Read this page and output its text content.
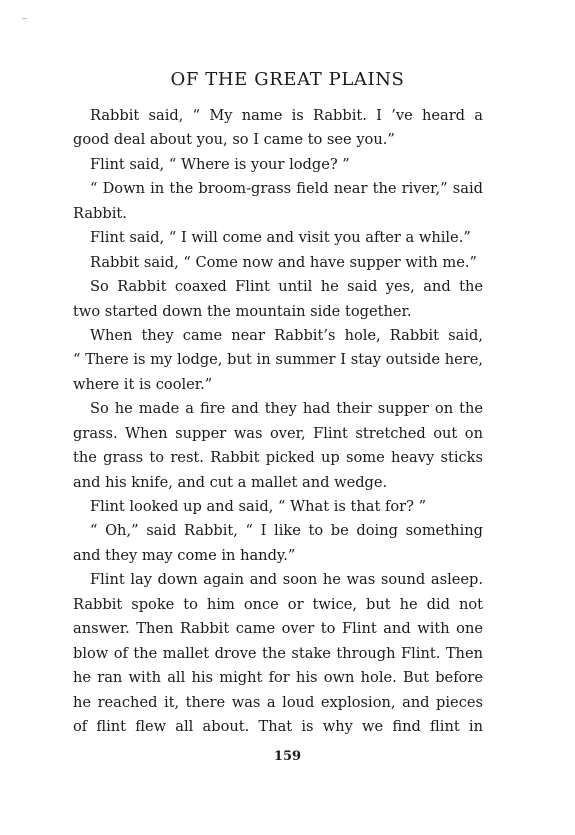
OF THE GREAT PLAINS
Rabbit said, “ My name is Rabbit. I ’ve heard a
good deal about you, so I came to see you.”
Flint said, “ Where is your lodge? ”
“ Down in the broom-grass field near the river,” said
Rabbit.
Flint said, “ I will come and visit you after a while.”
Rabbit said, “ Come now and have supper with me.”
So Rabbit coaxed Flint until he said yes, and the
two started down the mountain side together.
When they came near Rabbit’s hole, Rabbit said,
“ There is my lodge, but in summer I stay outside here,
where it is cooler.”
So he made a fire and they had their supper on the
grass. When supper was over, Flint stretched out on
the grass to rest. Rabbit picked up some heavy sticks
and his knife, and cut a mallet and wedge.
Flint looked up and said, “ What is that for? ”
“ Oh,” said Rabbit, “ I like to be doing something
and they may come in handy.”
Flint lay down again and soon he was sound asleep.
Rabbit spoke to him once or twice, but he did not
answer. Then Rabbit came over to Flint and with one
blow of the mallet drove the stake through Flint. Then
he ran with all his might for his own hole. But before
he reached it, there was a loud explosion, and pieces
of flint flew all about. That is why we find flint in
159
